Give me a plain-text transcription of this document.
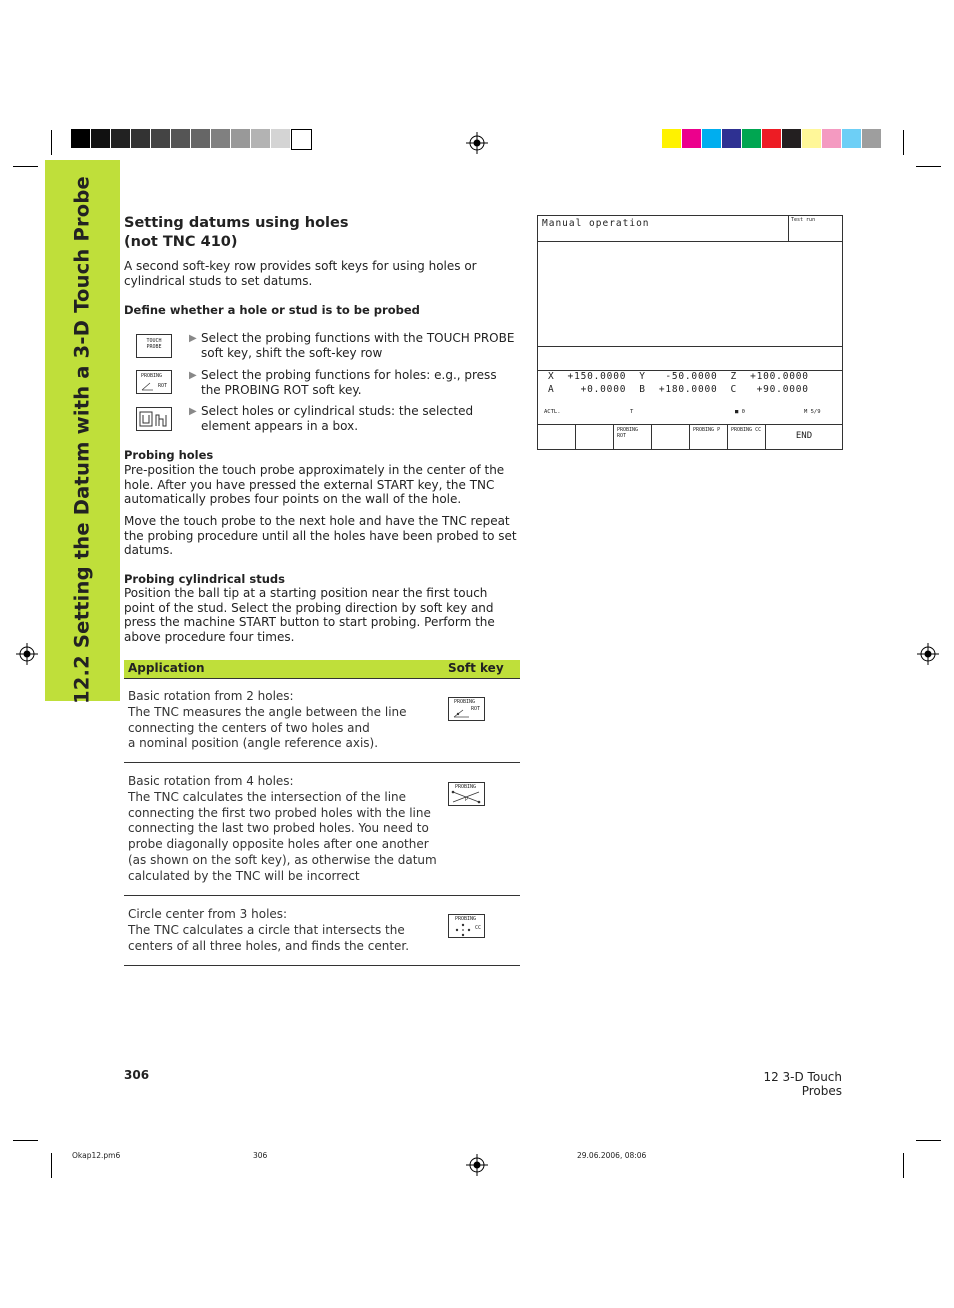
12.2 Setting the Datum with a 3-D Touch Probe Setting datums using holes
(not TNC 410)

A second soft-key row provides soft keys for using holes or cylindrical studs to set datums.

Define whether a hole or stud is to be probed
TOUCH
PROBE
PROBING
ROT
▶ Select the probing functions with the TOUCH PROBE soft key, shift the soft-key row

▶ Select the probing functions for holes: e.g., press the PROBING ROT soft key.

▶ Select holes or cylindrical studs: the selected element appears in a box.

Probing holes

Pre-position the touch probe approximately in the center of the hole. After you have pressed the external START key, the TNC automatically probes four points on the wall of the hole.

Move the touch probe to the next hole and have the TNC repeat the probing procedure until all the holes have been probed to set datums.

Probing cylindrical studs

Position the ball tip at a starting position near the first touch point of the stud. Select the probing direction by soft key and press the machine START button to start probing. Perform the above procedure four times.

Manual operation	Test run
X  +150.0000  Y   -50.0000  Z  +100.0000
A    +0.0000  B  +180.0000  C   +90.0000
ACTL.	T	■ 0	M 5/9
PROBING ROT
PROBING P	PROBING CC
END
Application	Soft key
Basic rotation from 2 holes:
The TNC measures the angle between the line
connecting the centers of two holes and
a nominal position (angle reference axis).
PROBING
ROT
Basic rotation from 4 holes:
The TNC calculates the intersection of the line
connecting the first two probed holes with the line
connecting the last two probed holes. You need to
probe diagonally opposite holes after one another
(as shown on the soft key), as otherwise the datum
calculated by the TNC will be incorrect
PROBING
P
Circle center from 3 holes:
The TNC calculates a circle that intersects the
centers of all three holes, and finds the center.
PROBING
CC
306	12 3-D Touch Probes
Okap12.pm6	306	29.06.2006, 08:06
